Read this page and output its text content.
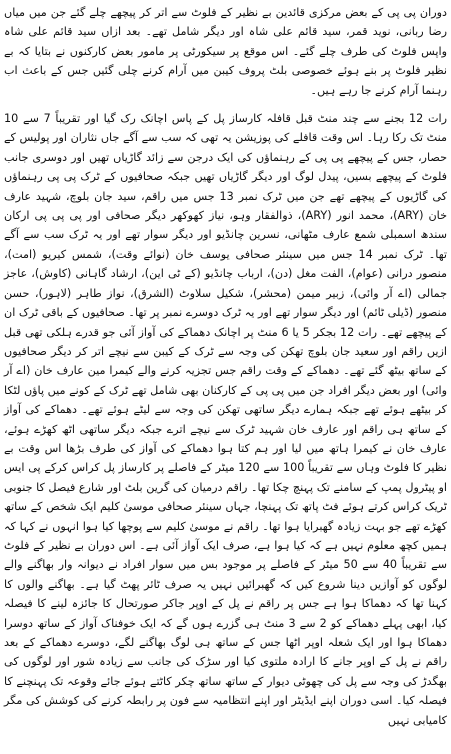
دوران پی پی کے بعض مرکزی قائدین بے نظیر کے فلوٹ سے اتر کر پیچھے چلے گئے جن میں میاں رضا ربانی، نوید قمر، سید قائم علی شاہ اور دیگر شامل تھے۔ بعد ازاں سید قائم علی شاہ واپس فلوٹ کی طرف چلے گئے۔ اس موقع پر سیکورٹی پر مامور بعض کارکنوں نے بتایا کہ بے نظیر فلوٹ پر بنے ہوئے خصوصی بلٹ پروف کیبن میں آرام کرنے چلی گئیں جس کے باعث اب رہنما آرام کرنے جا رہے ہیں۔

رات 12 بجنے سے چند منٹ قبل قافلہ کارساز پل کے پاس اچانک رک گیا اور تقریباً 7 سے 10 منٹ تک رکا رہا۔ اس وقت قافلے کی پوزیشن یہ تھی کہ سب سے آگے جاں نثاران اور پولیس کے حصار، جس کے پیچھے پی پی کے رہنماؤں کی ایک درجن سے زائد گاڑیاں تھیں اور دوسری جانب فلوٹ کے پیچھے بسیں، پیدل لوگ اور دیگر گاڑیاں تھیں جبکہ صحافیوں کے ٹرک پی پی رہنماؤں کی گاڑیوں کے پیچھے تھے جن میں ٹرک نمبر 13 جس میں راقم، سید جان بلوچ، شہید عارف خان (ARY)، محمد انور (ARY)، ذوالفقار وہو، نیاز کھوکھر دیگر صحافی اور پی پی پی ارکان سندھ اسمبلی شمع عارف مٹھانی، نسرین چانڈیو اور دیگر سوار تھے اور یہ ٹرک سب سے آگے تھا۔ ٹرک نمبر 14 جس میں سینئر صحافی یوسف خان (نوائے وقت)، شمس کیریو (امت)، منصور درانی (عوام)، الفت مغل (دن)، ارباب چانڈیو (کے ٹی این)، ارشاد گاہانی (کاوش)، عاجز جمالی (اے آر وائی)، زبیر میمن (محشر)، شکیل سلاوٹ (الشرق)، نواز طاہر (لاہور)، حسن منصور (ڈیلی ٹائم) اور دیگر سوار تھے اور یہ ٹرک دوسرے نمبر پر تھا۔ صحافیوں کے باقی ٹرک ان کے پیچھے تھے۔ رات 12 بجکر 5 یا 6 منٹ پر اچانک دھماکے کی آواز آئی جو قدرے ہلکی تھی قبل ازیں راقم اور سعید جان بلوچ تھکن کی وجہ سے ٹرک کے کیبن سے نیچے اتر کر دیگر صحافیوں کے ساتھ بیٹھ گئے تھے۔ دھماکے کے وقت راقم جس تجزیہ کرنے والے کیمرا مین عارف خان (اے آر وائی) اور بعض دیگر افراد جن میں پی پی کے کارکنان بھی شامل تھے ٹرک کے کونے میں پاؤں لٹکا کر بیٹھے ہوئے تھے جبکہ ہمارے دیگر ساتھی تھکن کی وجہ سے لیٹے ہوئے تھے۔ دھماکے کی آواز کے ساتھ ہی راقم اور عارف خان شہید ٹرک سے نیچے اترے جبکہ دیگر ساتھی اٹھ کھڑے ہوئے، عارف خان نے کیمرا ہاتھ میں لیا اور ہم کتا ہوا دھماکے کی آواز کی طرف بڑھا اس وقت بے نظیر کا فلوٹ وہاں سے تقریباً 100 سے 120 میٹر کے فاصلے پر کارساز پل کراس کرکے پی ایس او پیٹرول پمپ کے سامنے تک پہنچ چکا تھا۔ راقم درمیان کی گرین بلٹ اور شارع فیصل کا جنوبی ٹریک کراس کرتے ہوئے فٹ پاتھ تک پہنچا، جہاں سینئر صحافی موسیٰ کلیم ایک شخص کے ساتھ کھڑے تھے جو بہت زیادہ گھبرایا ہوا تھا۔ راقم نے موسیٰ کلیم سے پوچھا کیا ہوا انہوں نے کہا کہ ہمیں کچھ معلوم نہیں ہے کہ کیا ہوا ہے، صرف ایک آواز آئی ہے۔ اس دوران بے نظیر کے فلوٹ سے تقریباً 40 سے 50 میٹر کے فاصلے پر موجود بس میں سوار افراد نے دیوانہ وار بھاگنے والے لوگوں کو آوازیں دینا شروع کیں کہ گھبرائیں نہیں یہ صرف ٹائر پھٹ گیا ہے۔ بھاگنے والوں کا کہنا تھا کہ دھماکا ہوا ہے جس پر راقم نے پل کے اوپر جاکر صورتحال کا جائزہ لینے کا فیصلہ کیا، ابھی پہلے دھماکے کو 2 سے 3 منٹ ہی گزرے ہوں گے کہ ایک خوفناک آواز کے ساتھ دوسرا دھماکا ہوا اور ایک شعلہ اوپر اٹھا جس کے ساتھ ہی لوگ بھاگنے لگے، دوسرے دھماکے کے بعد راقم نے پل کے اوپر جانے کا ارادہ ملتوی کیا اور سڑک کی جانب سے زیادہ شور اور لوگوں کی بھگدڑ کی وجہ سے پل کی چھوٹی دیوار کے ساتھ ساتھ چکر کاٹتے ہوئے جائے وقوعہ تک پہنچنے کا فیصلہ کیا۔ اسی دوران اپنے ایڈیٹر اور اپنے انتظامیہ سے فون پر رابطہ کرنے کی کوشش کی مگر کامیابی نہیں
